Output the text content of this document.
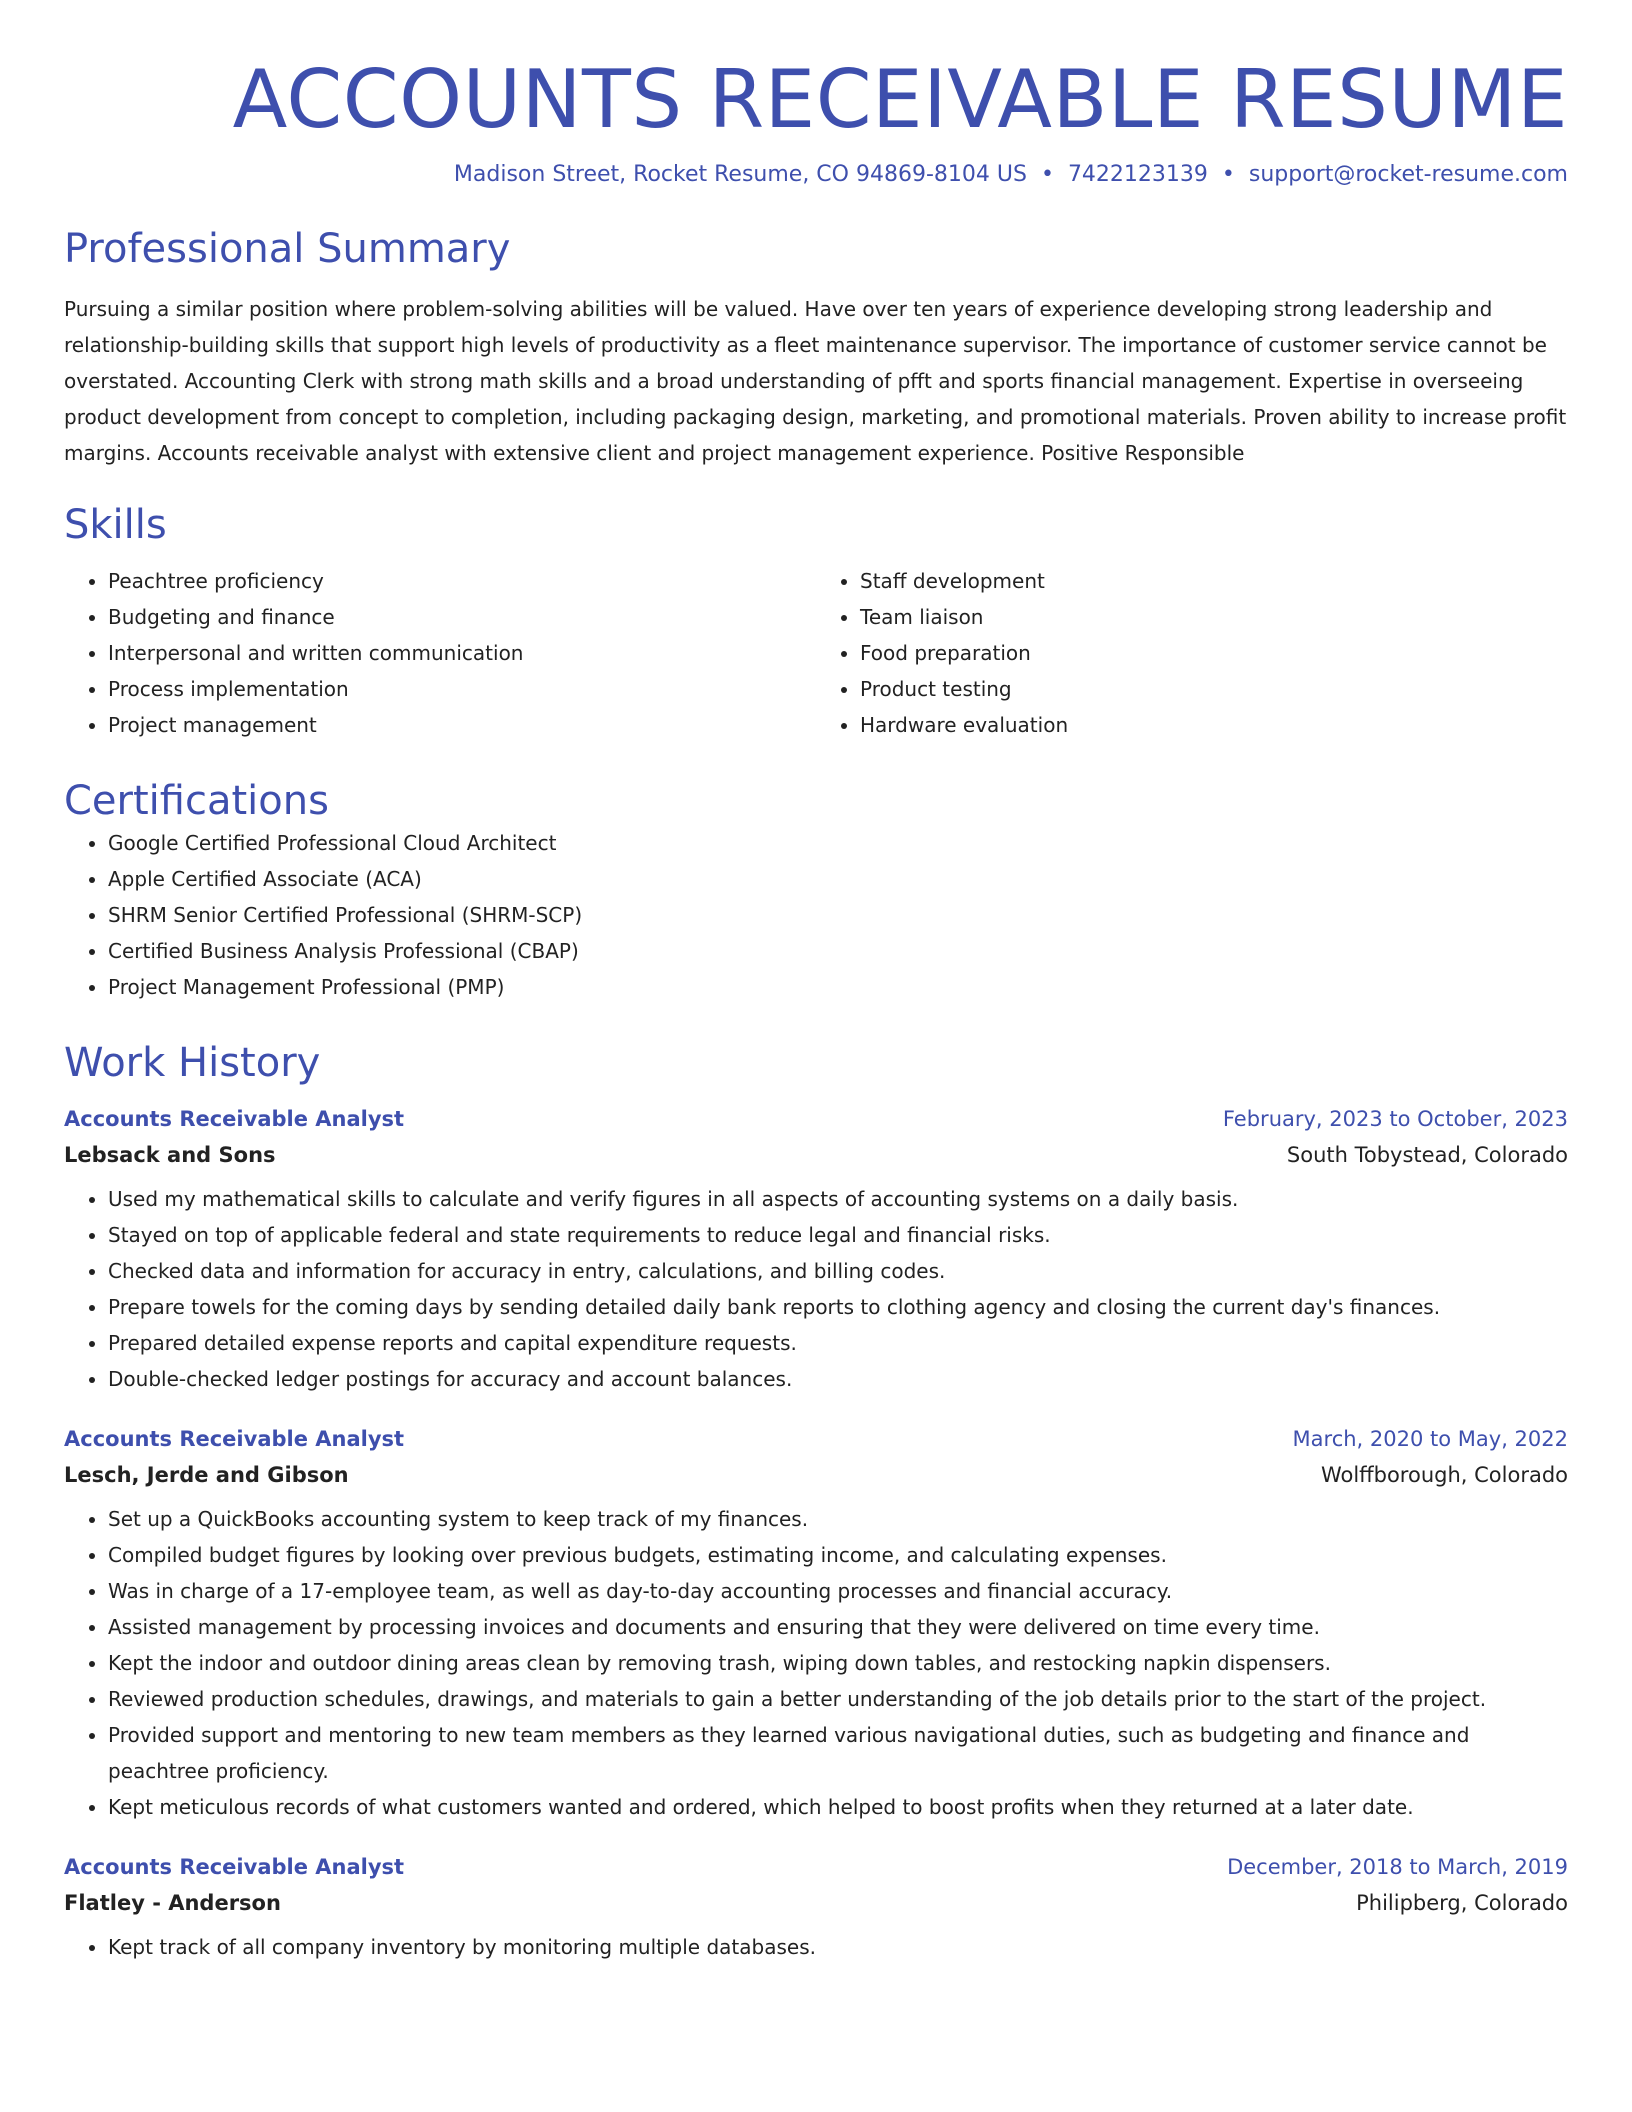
ACCOUNTS RECEIVABLE RESUME
Madison Street, Rocket Resume, CO 94869-8104 US • 7422123139 • support@rocket-resume.com
Professional Summary

Pursuing a similar position where problem-solving abilities will be valued. Have over ten years of experience developing strong leadership and relationship-building skills that support high levels of productivity as a fleet maintenance supervisor. The importance of customer service cannot be overstated. Accounting Clerk with strong math skills and a broad understanding of pfft and sports financial management. Expertise in overseeing product development from concept to completion, including packaging design, marketing, and promotional materials. Proven ability to increase profit margins. Accounts receivable analyst with extensive client and project management experience. Positive Responsible

Skills
• Peachtree proficiency
• Budgeting and finance
• Interpersonal and written communication
• Process implementation
• Project management
• Staff development
• Team liaison
• Food preparation
• Product testing
• Hardware evaluation
Certifications
• Google Certified Professional Cloud Architect
• Apple Certified Associate (ACA)
• SHRM Senior Certified Professional (SHRM-SCP)
• Certified Business Analysis Professional (CBAP)
• Project Management Professional (PMP)
Work History
Accounts Receivable Analyst	February, 2023 to October, 2023
Lebsack and Sons	South Tobystead, Colorado
• Used my mathematical skills to calculate and verify figures in all aspects of accounting systems on a daily basis.
• Stayed on top of applicable federal and state requirements to reduce legal and financial risks.
• Checked data and information for accuracy in entry, calculations, and billing codes.
• Prepare towels for the coming days by sending detailed daily bank reports to clothing agency and closing the current day's finances.
• Prepared detailed expense reports and capital expenditure requests.
• Double-checked ledger postings for accuracy and account balances.
Accounts Receivable Analyst	March, 2020 to May, 2022
Lesch, Jerde and Gibson	Wolffborough, Colorado
• Set up a QuickBooks accounting system to keep track of my finances.
• Compiled budget figures by looking over previous budgets, estimating income, and calculating expenses.
• Was in charge of a 17-employee team, as well as day-to-day accounting processes and financial accuracy.
• Assisted management by processing invoices and documents and ensuring that they were delivered on time every time.
• Kept the indoor and outdoor dining areas clean by removing trash, wiping down tables, and restocking napkin dispensers.
• Reviewed production schedules, drawings, and materials to gain a better understanding of the job details prior to the start of the project.
• Provided support and mentoring to new team members as they learned various navigational duties, such as budgeting and finance and peachtree proficiency.
• Kept meticulous records of what customers wanted and ordered, which helped to boost profits when they returned at a later date.
Accounts Receivable Analyst	December, 2018 to March, 2019
Flatley - Anderson	Philipberg, Colorado
• Kept track of all company inventory by monitoring multiple databases.
